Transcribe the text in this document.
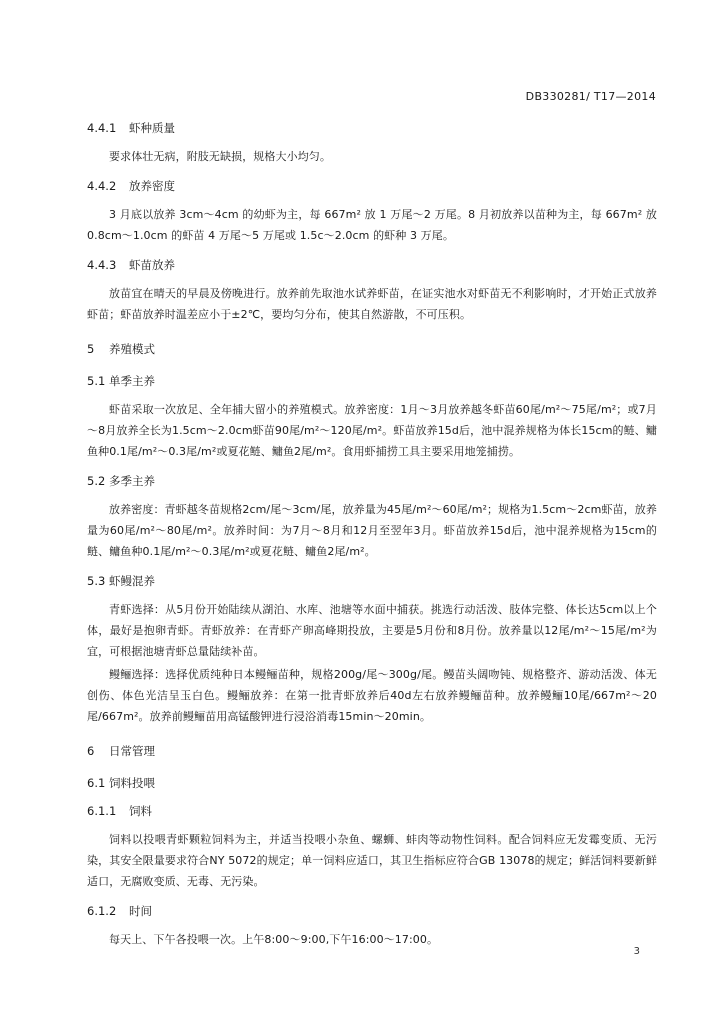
DB330281/ T17—2014
4.4.1 虾种质量
要求体壮无病，附肢无缺损，规格大小均匀。
4.4.2 放养密度
3 月底以放养 3cm～4cm 的幼虾为主，每 667m² 放 1 万尾～2 万尾。8 月初放养以苗种为主，每 667m² 放 0.8cm～1.0cm 的虾苗 4 万尾～5 万尾或 1.5c～2.0cm 的虾种 3 万尾。
4.4.3 虾苗放养
放苗宜在晴天的早晨及傍晚进行。放养前先取池水试养虾苗，在证实池水对虾苗无不利影响时，才开始正式放养虾苗；虾苗放养时温差应小于±2℃，要均匀分布，使其自然游散，不可压积。
5 养殖模式
5.1 单季主养
虾苗采取一次放足、全年捕大留小的养殖模式。放养密度：1月～3月放养越冬虾苗60尾/m²～75尾/m²；或7月～8月放养全长为1.5cm～2.0cm虾苗90尾/m²～120尾/m²。虾苗放养15d后，池中混养规格为体长15cm的鲢、鳙鱼种0.1尾/m²～0.3尾/m²或夏花鲢、鳙鱼2尾/m²。食用虾捕捞工具主要采用地笼捕捞。
5.2 多季主养
放养密度：青虾越冬苗规格2cm/尾～3cm/尾，放养量为45尾/m²～60尾/m²；规格为1.5cm～2cm虾苗，放养量为60尾/m²～80尾/m²。放养时间：为7月～8月和12月至翌年3月。虾苗放养15d后，池中混养规格为15cm的鲢、鳙鱼种0.1尾/m²～0.3尾/m²或夏花鲢、鳙鱼2尾/m²。
5.3 虾鳗混养
青虾选择：从5月份开始陆续从湖泊、水库、池塘等水面中捕获。挑选行动活泼、肢体完整、体长达5cm以上个体，最好是抱卵青虾。青虾放养：在青虾产卵高峰期投放，主要是5月份和8月份。放养量以12尾/m²～15尾/m²为宜，可根据池塘青虾总量陆续补苗。
鳗鲡选择：选择优质纯种日本鳗鲡苗种，规格200g/尾～300g/尾。鳗苗头阔吻钝、规格整齐、游动活泼、体无创伤、体色光洁呈玉白色。鳗鲡放养：在第一批青虾放养后40d左右放养鳗鲡苗种。放养鳗鲡10尾/667m²～20尾/667m²。放养前鳗鲡苗用高锰酸钾进行浸浴消毒15min～20min。
6 日常管理
6.1 饲料投喂
6.1.1 饲料
饲料以投喂青虾颗粒饲料为主，并适当投喂小杂鱼、螺蛳、蚌肉等动物性饲料。配合饲料应无发霉变质、无污染，其安全限量要求符合NY 5072的规定；单一饲料应适口，其卫生指标应符合GB 13078的规定；鲜活饲料要新鲜适口，无腐败变质、无毒、无污染。
6.1.2 时间
每天上、下午各投喂一次。上午8:00～9:00,下午16:00～17:00。
3
